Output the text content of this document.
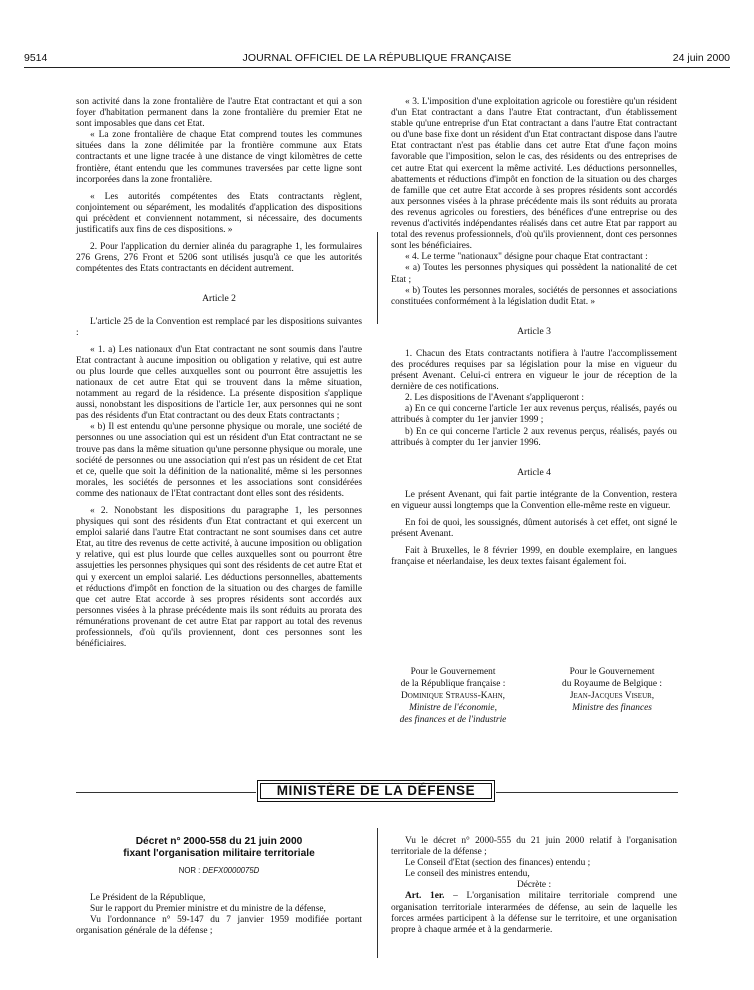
9514	JOURNAL OFFICIEL DE LA RÉPUBLIQUE FRANÇAISE	24 juin 2000

son activité dans la zone frontalière de l'autre Etat contractant et qui a son foyer d'habitation permanent dans la zone frontalière du premier Etat ne sont imposables que dans cet Etat.

« La zone frontalière de chaque Etat comprend toutes les communes situées dans la zone délimitée par la frontière commune aux Etats contractants et une ligne tracée à une distance de vingt kilomètres de cette frontière, étant entendu que les communes traversées par cette ligne sont incorporées dans la zone frontalière.

« Les autorités compétentes des Etats contractants règlent, conjointement ou séparément, les modalités d'application des dispositions qui précèdent et conviennent notamment, si nécessaire, des documents justificatifs aux fins de ces dispositions. »

2. Pour l'application du dernier alinéa du paragraphe 1, les formulaires 276 Grens, 276 Front et 5206 sont utilisés jusqu'à ce que les autorités compétentes des Etats contractants en décident autrement.

Article 2

L'article 25 de la Convention est remplacé par les dispositions suivantes :

« 1. a) Les nationaux d'un Etat contractant ne sont soumis dans l'autre Etat contractant à aucune imposition ou obligation y relative, qui est autre ou plus lourde que celles auxquelles sont ou pourront être assujettis les nationaux de cet autre Etat qui se trouvent dans la même situation, notamment au regard de la résidence. La présente disposition s'applique aussi, nonobstant les dispositions de l'article 1er, aux personnes qui ne sont pas des résidents d'un Etat contractant ou des deux Etats contractants ;

« b) Il est entendu qu'une personne physique ou morale, une société de personnes ou une association qui est un résident d'un Etat contractant ne se trouve pas dans la même situation qu'une personne physique ou morale, une société de personnes ou une association qui n'est pas un résident de cet Etat et ce, quelle que soit la définition de la nationalité, même si les personnes morales, les sociétés de personnes et les associations sont considérées comme des nationaux de l'Etat contractant dont elles sont des résidents.

« 2. Nonobstant les dispositions du paragraphe 1, les personnes physiques qui sont des résidents d'un Etat contractant et qui exercent un emploi salarié dans l'autre Etat contractant ne sont soumises dans cet autre Etat, au titre des revenus de cette activité, à aucune imposition ou obligation y relative, qui est plus lourde que celles auxquelles sont ou pourront être assujetties les personnes physiques qui sont des résidents de cet autre Etat et qui y exercent un emploi salarié. Les déductions personnelles, abattements et réductions d'impôt en fonction de la situation ou des charges de famille que cet autre Etat accorde à ses propres résidents sont accordés aux personnes visées à la phrase précédente mais ils sont réduits au prorata des rémunérations provenant de cet autre Etat par rapport au total des revenus professionnels, d'où qu'ils proviennent, dont ces personnes sont les bénéficiaires.

« 3. L'imposition d'une exploitation agricole ou forestière qu'un résident d'un Etat contractant a dans l'autre Etat contractant, d'un établissement stable qu'une entreprise d'un Etat contractant a dans l'autre Etat contractant ou d'une base fixe dont un résident d'un Etat contractant dispose dans l'autre Etat contractant n'est pas établie dans cet autre Etat d'une façon moins favorable que l'imposition, selon le cas, des résidents ou des entreprises de cet autre Etat qui exercent la même activité. Les déductions personnelles, abattements et réductions d'impôt en fonction de la situation ou des charges de famille que cet autre Etat accorde à ses propres résidents sont accordés aux personnes visées à la phrase précédente mais ils sont réduits au prorata des revenus agricoles ou forestiers, des bénéfices d'une entreprise ou des revenus d'activités indépendantes réalisés dans cet autre Etat par rapport au total des revenus professionnels, d'où qu'ils proviennent, dont ces personnes sont les bénéficiaires.

« 4. Le terme "nationaux" désigne pour chaque Etat contractant :

« a) Toutes les personnes physiques qui possèdent la nationalité de cet Etat ;

« b) Toutes les personnes morales, sociétés de personnes et associations constituées conformément à la législation dudit Etat. »

Article 3

1. Chacun des Etats contractants notifiera à l'autre l'accomplissement des procédures requises par sa législation pour la mise en vigueur du présent Avenant. Celui-ci entrera en vigueur le jour de réception de la dernière de ces notifications.

2. Les dispositions de l'Avenant s'appliqueront :

a) En ce qui concerne l'article 1er aux revenus perçus, réalisés, payés ou attribués à compter du 1er janvier 1999 ;

b) En ce qui concerne l'article 2 aux revenus perçus, réalisés, payés ou attribués à compter du 1er janvier 1996.

Article 4

Le présent Avenant, qui fait partie intégrante de la Convention, restera en vigueur aussi longtemps que la Convention elle-même reste en vigueur.

En foi de quoi, les soussignés, dûment autorisés à cet effet, ont signé le présent Avenant.

Fait à Bruxelles, le 8 février 1999, en double exemplaire, en langues française et néerlandaise, les deux textes faisant également foi.

Pour le Gouvernement
de la République française :
Dominique Strauss-Kahn,
Ministre de l'économie,
des finances et de l'industrie
Pour le Gouvernement
du Royaume de Belgique :
Jean-Jacques Viseur,
Ministre des finances
MINISTÈRE DE LA DÉFENSE
Décret n° 2000-558 du 21 juin 2000
fixant l'organisation militaire territoriale
NOR : DEFX0000075D

Le Président de la République,

Sur le rapport du Premier ministre et du ministre de la défense,

Vu l'ordonnance n° 59-147 du 7 janvier 1959 modifiée portant organisation générale de la défense ;

Vu le décret n° 2000-555 du 21 juin 2000 relatif à l'organisation territoriale de la défense ;

Le Conseil d'Etat (section des finances) entendu ;

Le conseil des ministres entendu,

Décrète :

Art. 1er. – L'organisation militaire territoriale comprend une organisation territoriale interarmées de défense, au sein de laquelle les forces armées participent à la défense sur le territoire, et une organisation propre à chaque armée et à la gendarmerie.
